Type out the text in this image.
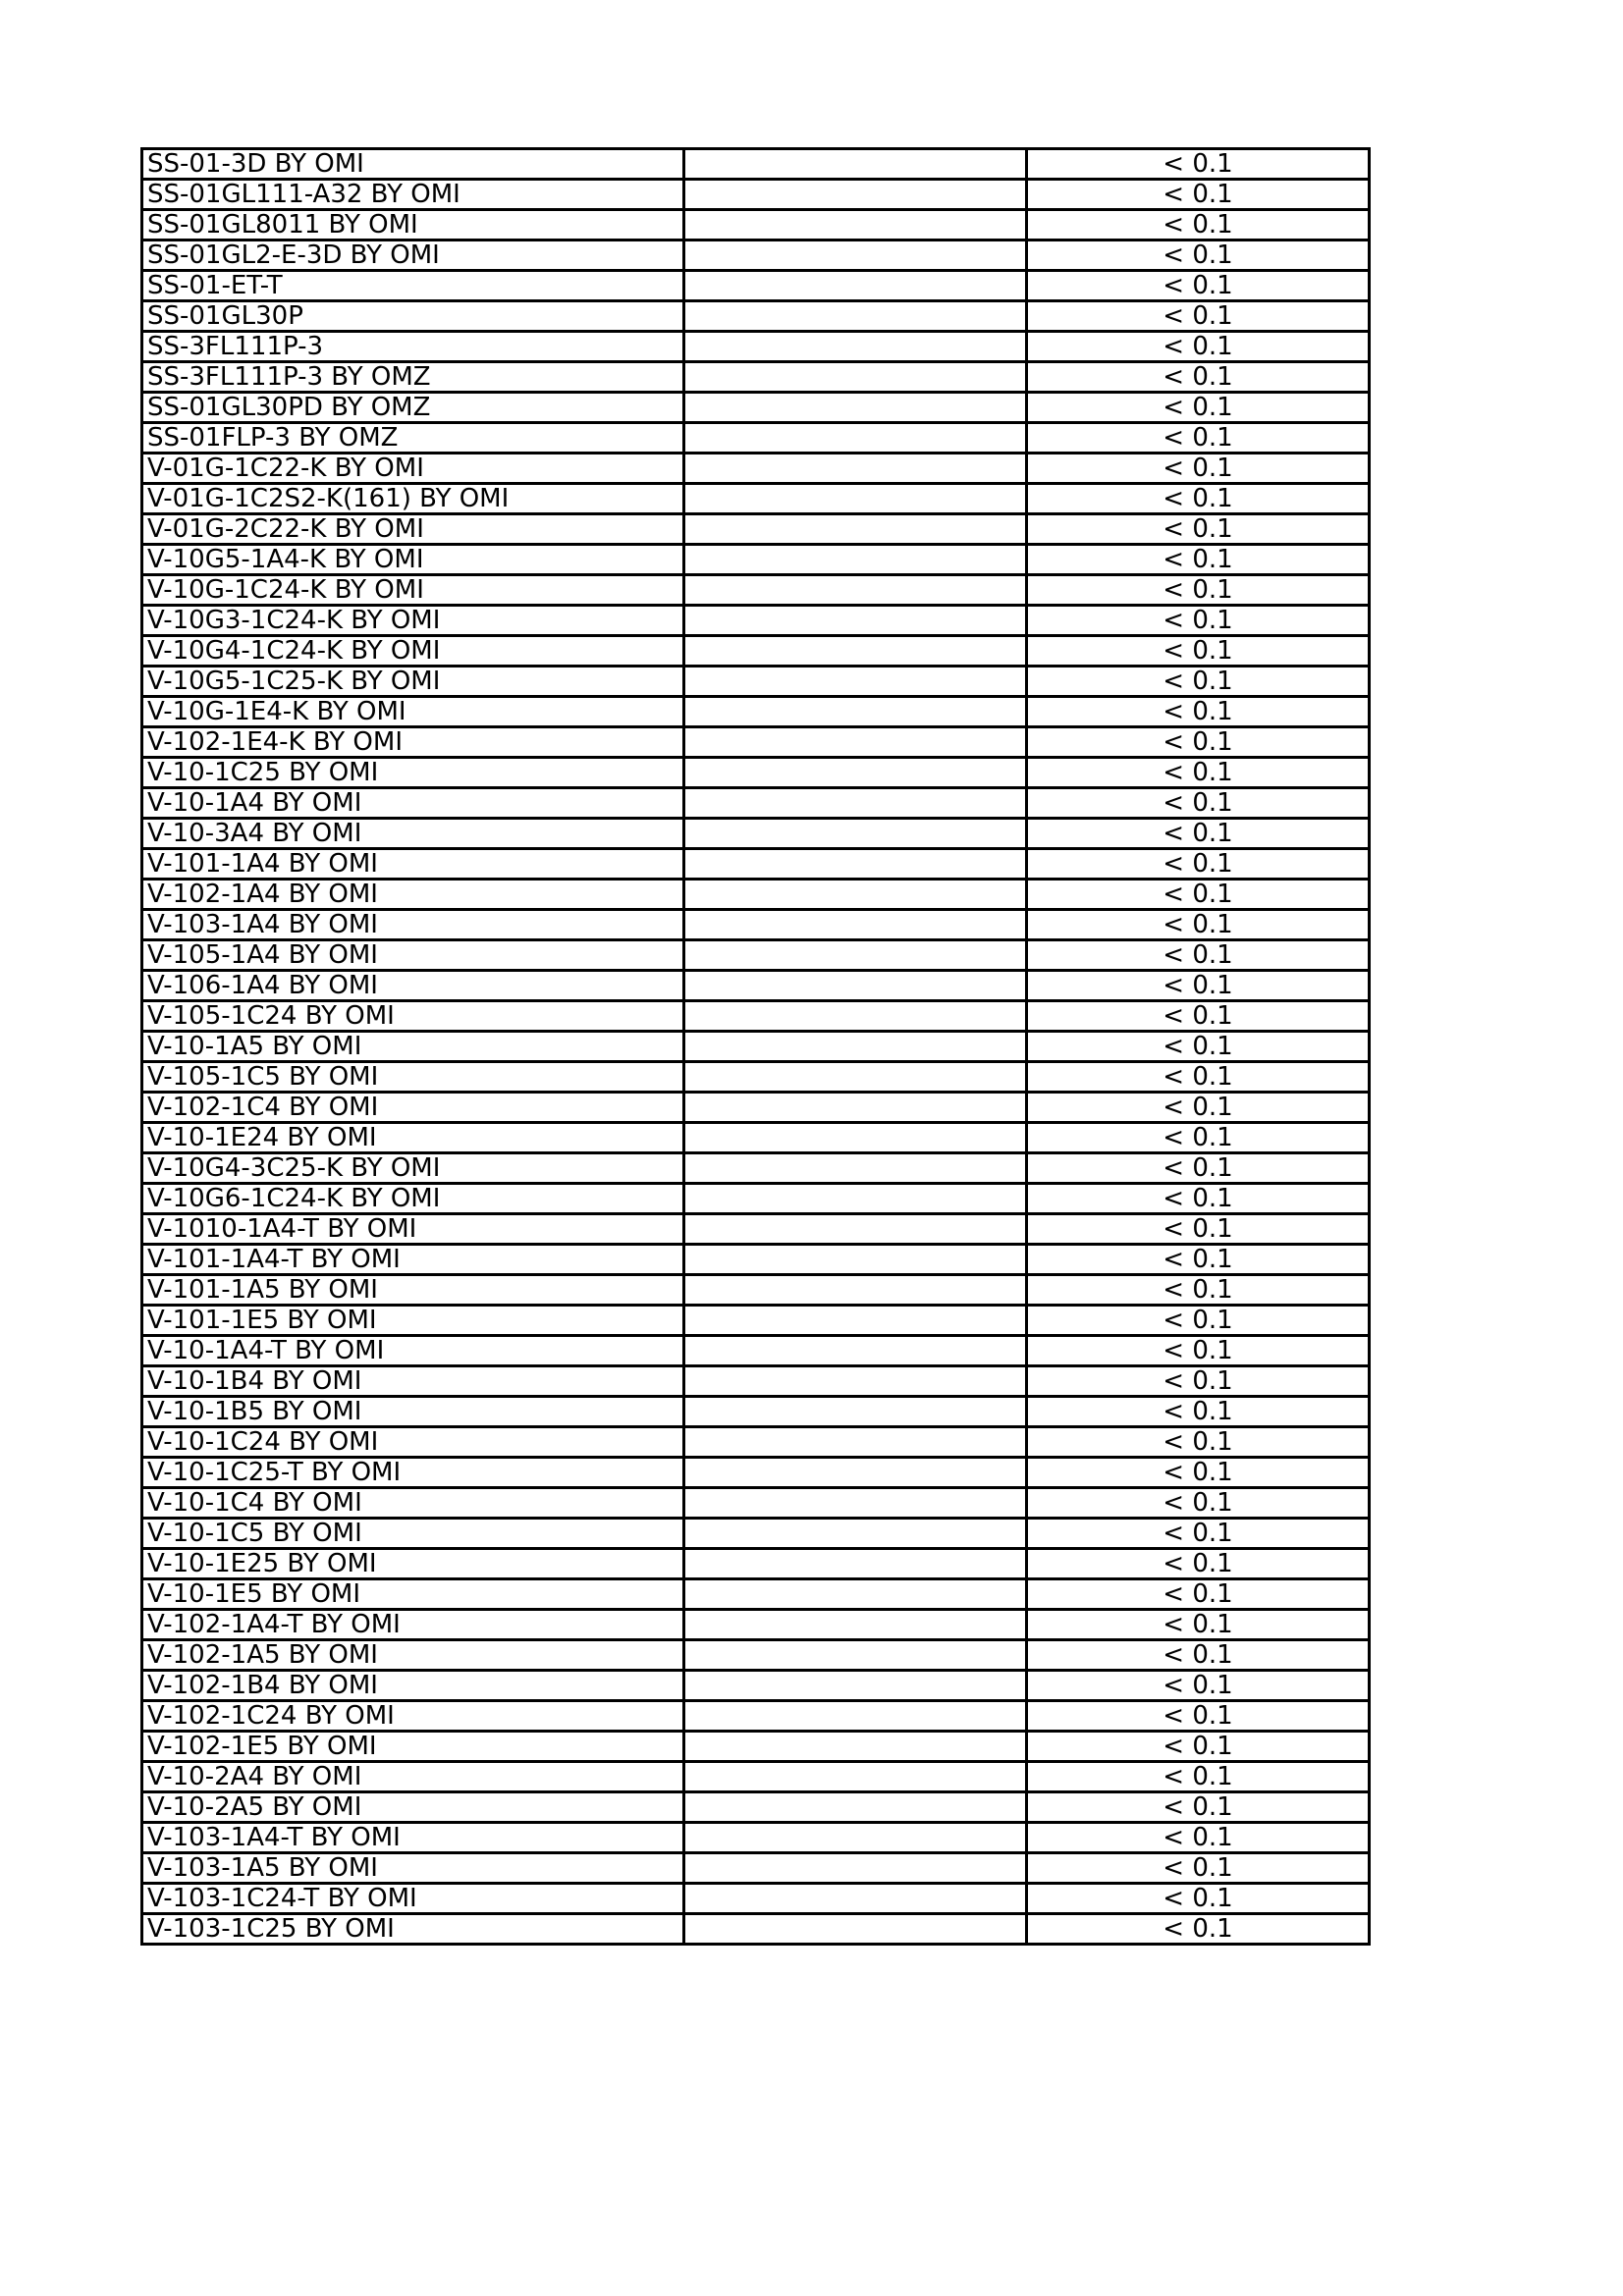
SS-01-3D BY OMI		< 0.1
SS-01GL111-A32 BY OMI		< 0.1
SS-01GL8011 BY OMI		< 0.1
SS-01GL2-E-3D BY OMI		< 0.1
SS-01-ET-T		< 0.1
SS-01GL30P		< 0.1
SS-3FL111P-3		< 0.1
SS-3FL111P-3 BY OMZ		< 0.1
SS-01GL30PD BY OMZ		< 0.1
SS-01FLP-3 BY OMZ		< 0.1
V-01G-1C22-K BY OMI		< 0.1
V-01G-1C2S2-K(161) BY OMI		< 0.1
V-01G-2C22-K BY OMI		< 0.1
V-10G5-1A4-K BY OMI		< 0.1
V-10G-1C24-K BY OMI		< 0.1
V-10G3-1C24-K BY OMI		< 0.1
V-10G4-1C24-K BY OMI		< 0.1
V-10G5-1C25-K BY OMI		< 0.1
V-10G-1E4-K BY OMI		< 0.1
V-102-1E4-K BY OMI		< 0.1
V-10-1C25 BY OMI		< 0.1
V-10-1A4 BY OMI		< 0.1
V-10-3A4 BY OMI		< 0.1
V-101-1A4 BY OMI		< 0.1
V-102-1A4 BY OMI		< 0.1
V-103-1A4 BY OMI		< 0.1
V-105-1A4 BY OMI		< 0.1
V-106-1A4 BY OMI		< 0.1
V-105-1C24 BY OMI		< 0.1
V-10-1A5 BY OMI		< 0.1
V-105-1C5 BY OMI		< 0.1
V-102-1C4 BY OMI		< 0.1
V-10-1E24 BY OMI		< 0.1
V-10G4-3C25-K BY OMI		< 0.1
V-10G6-1C24-K BY OMI		< 0.1
V-1010-1A4-T BY OMI		< 0.1
V-101-1A4-T BY OMI		< 0.1
V-101-1A5 BY OMI		< 0.1
V-101-1E5 BY OMI		< 0.1
V-10-1A4-T BY OMI		< 0.1
V-10-1B4 BY OMI		< 0.1
V-10-1B5 BY OMI		< 0.1
V-10-1C24 BY OMI		< 0.1
V-10-1C25-T BY OMI		< 0.1
V-10-1C4 BY OMI		< 0.1
V-10-1C5 BY OMI		< 0.1
V-10-1E25 BY OMI		< 0.1
V-10-1E5 BY OMI		< 0.1
V-102-1A4-T BY OMI		< 0.1
V-102-1A5 BY OMI		< 0.1
V-102-1B4 BY OMI		< 0.1
V-102-1C24 BY OMI		< 0.1
V-102-1E5 BY OMI		< 0.1
V-10-2A4 BY OMI		< 0.1
V-10-2A5 BY OMI		< 0.1
V-103-1A4-T BY OMI		< 0.1
V-103-1A5 BY OMI		< 0.1
V-103-1C24-T BY OMI		< 0.1
V-103-1C25 BY OMI		< 0.1
